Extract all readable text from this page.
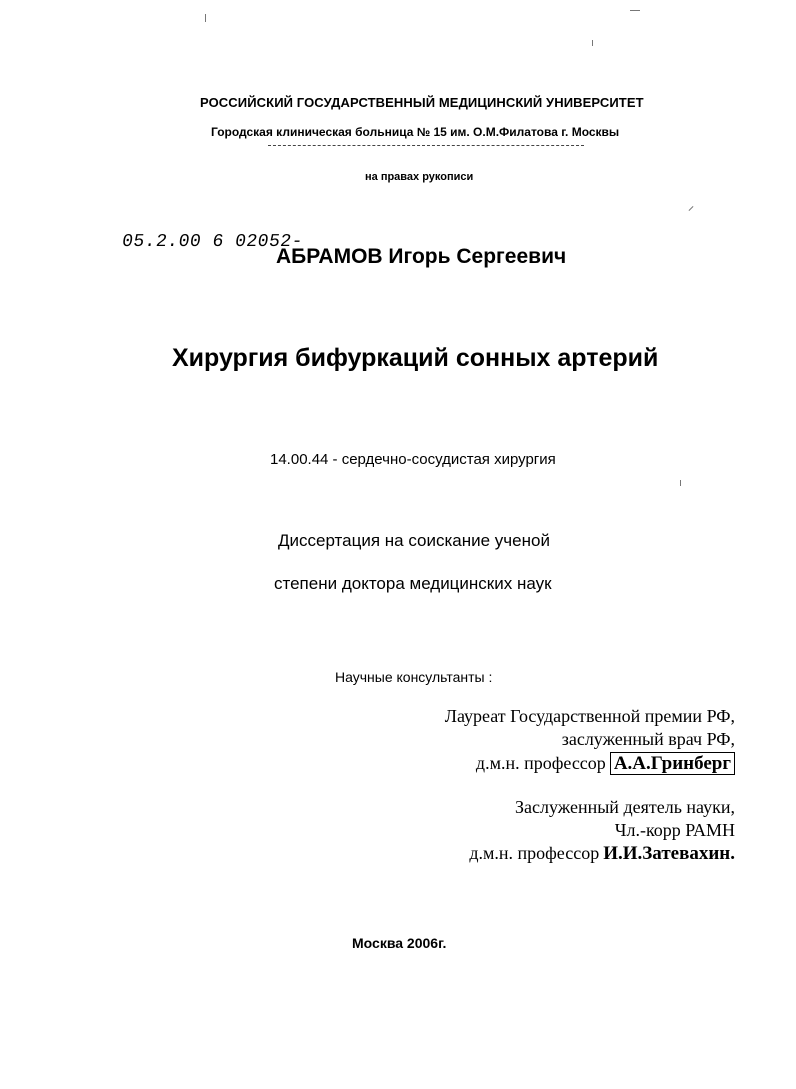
РОССИЙСКИЙ ГОСУДАРСТВЕННЫЙ МЕДИЦИНСКИЙ УНИВЕРСИТЕТ
Городская клиническая больница № 15 им. О.М.Филатова г. Москвы
на правах рукописи
05.2.00 6 02052-
АБРАМОВ Игорь Сергеевич
Хирургия бифуркаций сонных артерий
14.00.44 - сердечно-сосудистая хирургия
Диссертация на соискание ученой
степени доктора медицинских наук
Научные консультанты :
Лауреат Государственной премии РФ,
заслуженный врач РФ,
д.м.н. профессор А.А.Гринберг
Заслуженный деятель науки,
Чл.-корр РАМН
д.м.н. профессор И.И.Затевахин.
Москва 2006г.
